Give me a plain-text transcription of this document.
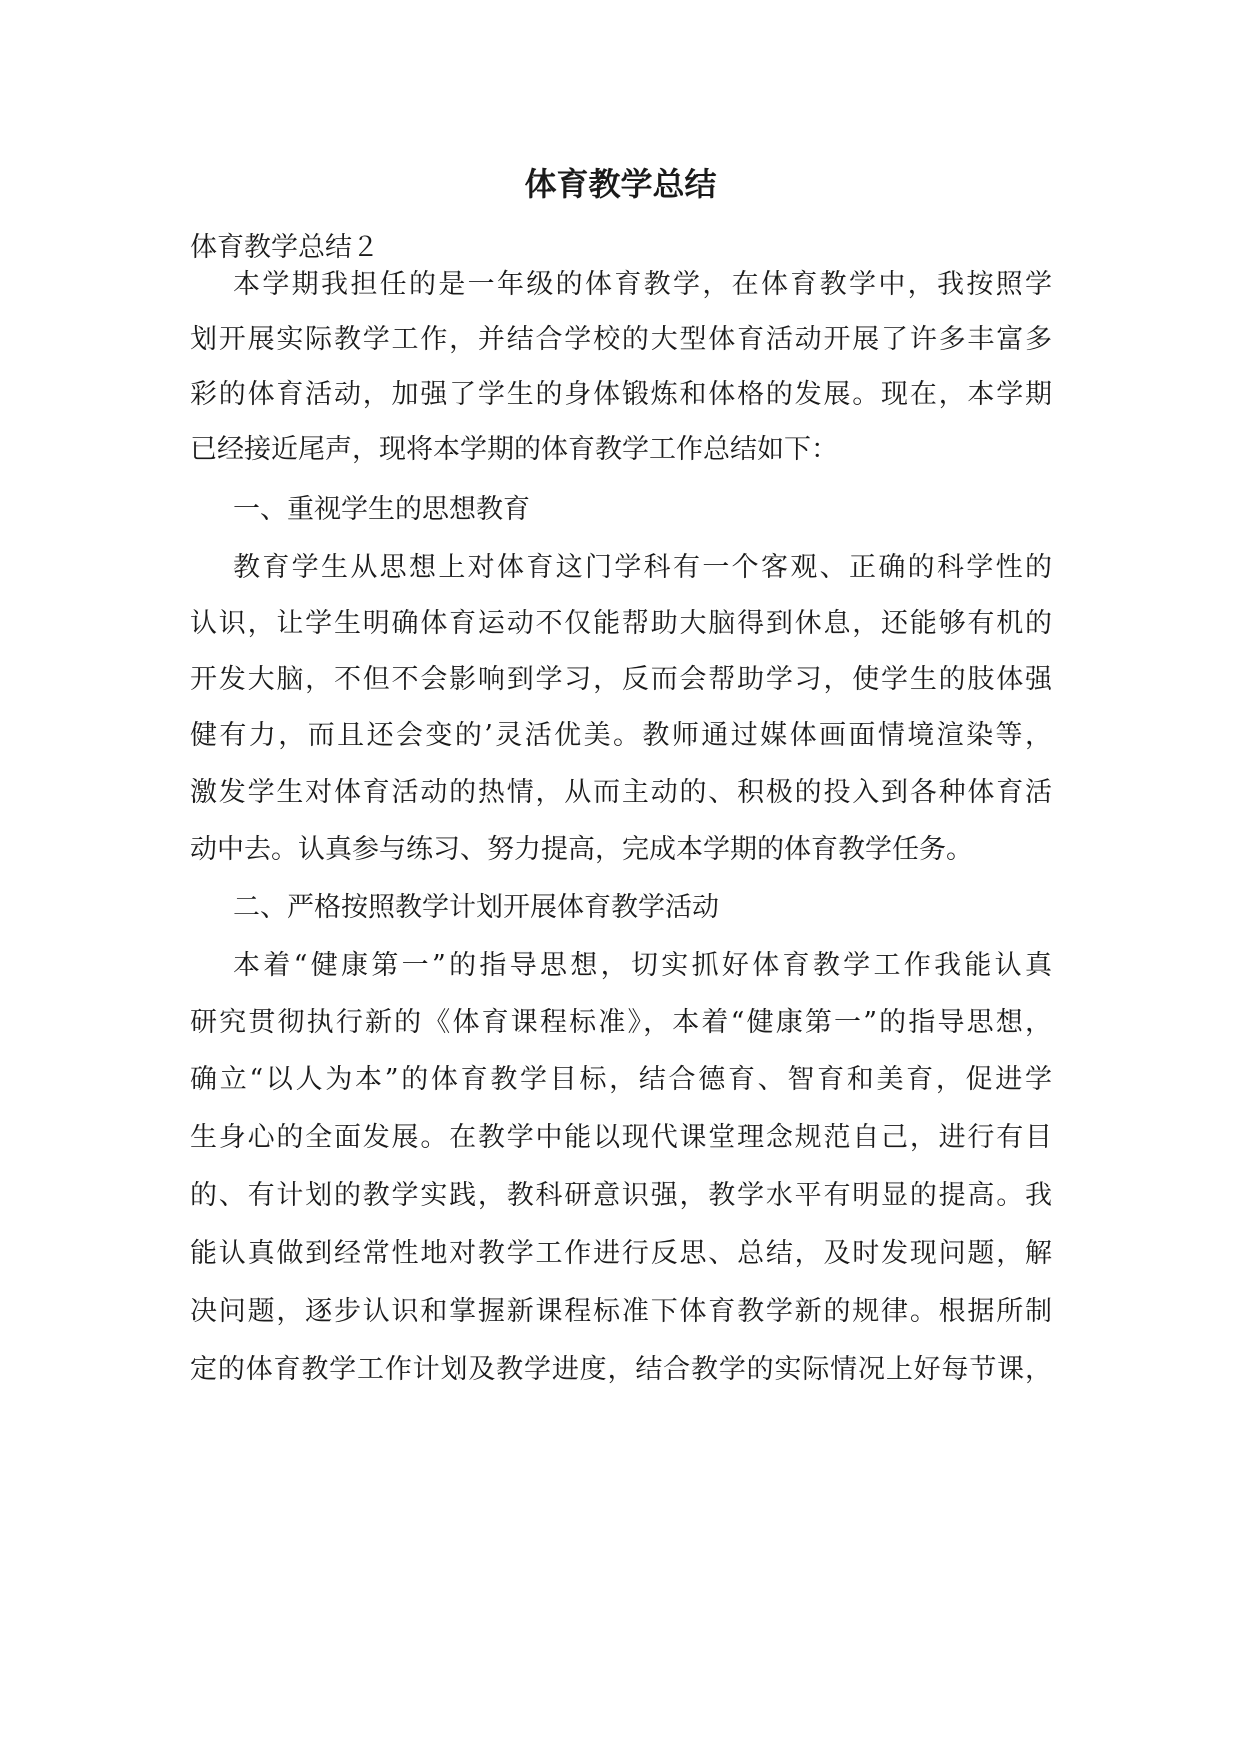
体育教学总结

体育教学总结２

本学期我担任的是一年级的体育教学，在体育教学中，我按照学

划开展实际教学工作，并结合学校的大型体育活动开展了许多丰富多

彩的体育活动，加强了学生的身体锻炼和体格的发展。现在，本学期

已经接近尾声，现将本学期的体育教学工作总结如下：

一、重视学生的思想教育

教育学生从思想上对体育这门学科有一个客观、正确的科学性的

认识，让学生明确体育运动不仅能帮助大脑得到休息，还能够有机的

开发大脑，不但不会影响到学习，反而会帮助学习，使学生的肢体强

健有力，而且还会变的’灵活优美。教师通过媒体画面情境渲染等，

激发学生对体育活动的热情，从而主动的、积极的投入到各种体育活

动中去。认真参与练习、努力提高，完成本学期的体育教学任务。

二、严格按照教学计划开展体育教学活动

本着“健康第一”的指导思想，切实抓好体育教学工作我能认真

研究贯彻执行新的《体育课程标准》，本着“健康第一”的指导思想，

确立“以人为本”的体育教学目标，结合德育、智育和美育，促进学

生身心的全面发展。在教学中能以现代课堂理念规范自己，进行有目

的、有计划的教学实践，教科研意识强，教学水平有明显的提高。我

能认真做到经常性地对教学工作进行反思、总结，及时发现问题，解

决问题，逐步认识和掌握新课程标准下体育教学新的规律。根据所制

定的体育教学工作计划及教学进度，结合教学的实际情况上好每节课，
